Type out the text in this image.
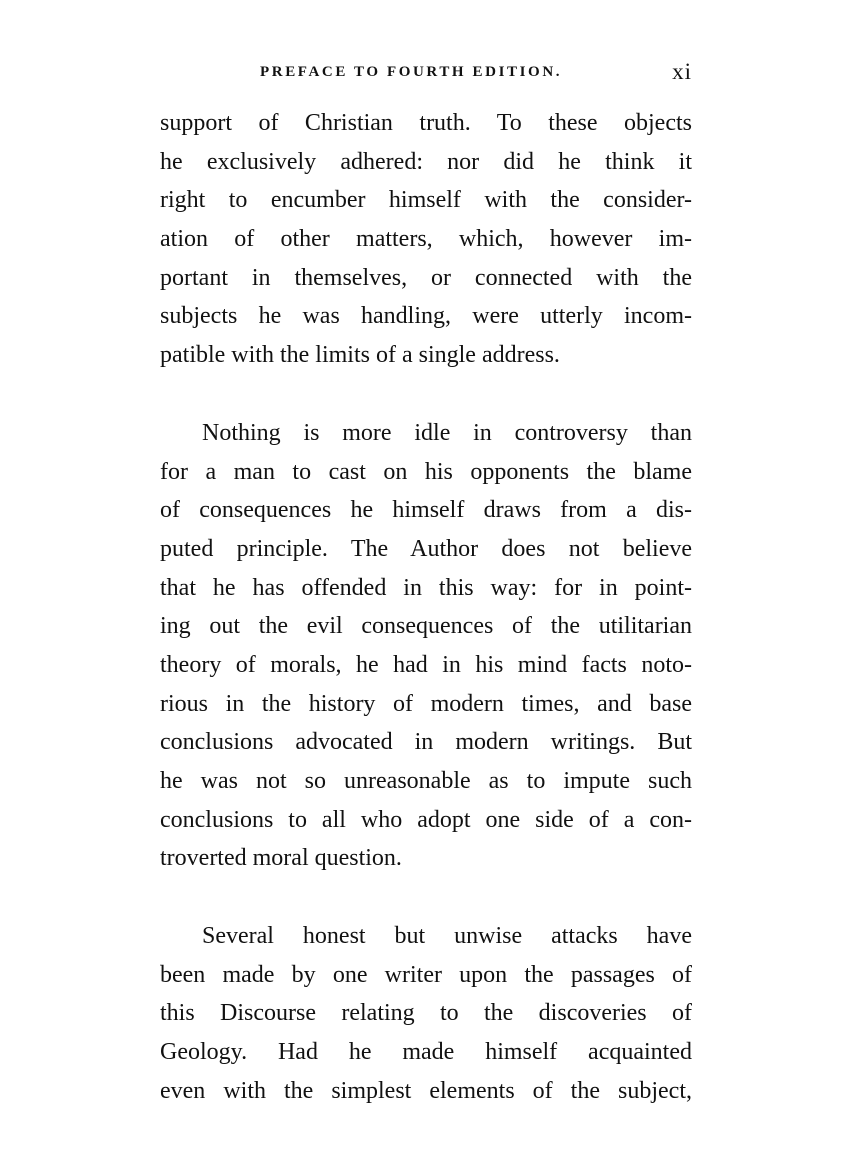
PREFACE TO FOURTH EDITION.	xi

support of Christian truth. To these objects
he exclusively adhered: nor did he think it
right to encumber himself with the consider-
ation of other matters, which, however im-
portant in themselves, or connected with the
subjects he was handling, were utterly incom-
patible with the limits of a single address.

Nothing is more idle in controversy than
for a man to cast on his opponents the blame
of consequences he himself draws from a dis-
puted principle. The Author does not believe
that he has offended in this way: for in point-
ing out the evil consequences of the utilitarian
theory of morals, he had in his mind facts noto-
rious in the history of modern times, and base
conclusions advocated in modern writings. But
he was not so unreasonable as to impute such
conclusions to all who adopt one side of a con-
troverted moral question.

Several honest but unwise attacks have
been made by one writer upon the passages of
this Discourse relating to the discoveries of
Geology. Had he made himself acquainted
even with the simplest elements of the subject,
